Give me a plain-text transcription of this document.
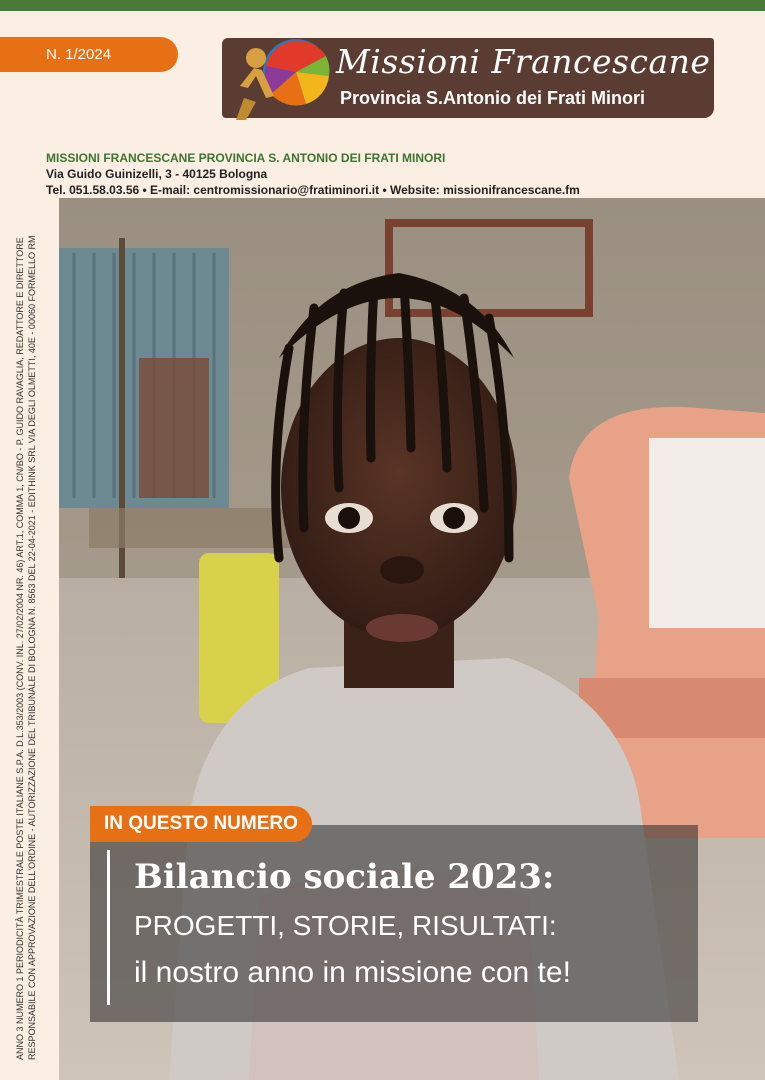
N. 1/2024	Missioni Francescane
Provincia S.Antonio dei Frati Minori
MISSIONI FRANCESCANE PROVINCIA S. ANTONIO DEI FRATI MINORI
Via Guido Guinizelli, 3 - 40125 Bologna
Tel. 051.58.03.56 • E-mail: centromissionario@fratiminori.it • Website: missionifrancescane.fm
ANNO 3 NUMERO 1 PERIODICITÀ TRIMESTRALE POSTE ITALIANE S.P.A. D.L.353/2003 (CONV. INL. 27/02/2004 NR. 46) ART.1, COMMA 1, CN/BO - P. GUIDO RAVAGLIA, REDATTORE E DIRETTORE RESPONSABILE CON APPROVAZIONE DELL'ORDINE - AUTORIZZAZIONE DEL TRIBUNALE DI BOLOGNA N. 8563 DEL 22-04-2021 - EDITHINK SRL VIA DEGLI OLMETTI, 40E - 00060 FORMELLO RM	IN QUESTO NUMERO
Bilancio sociale 2023:
PROGETTI, STORIE, RISULTATI:
il nostro anno in missione con te!
